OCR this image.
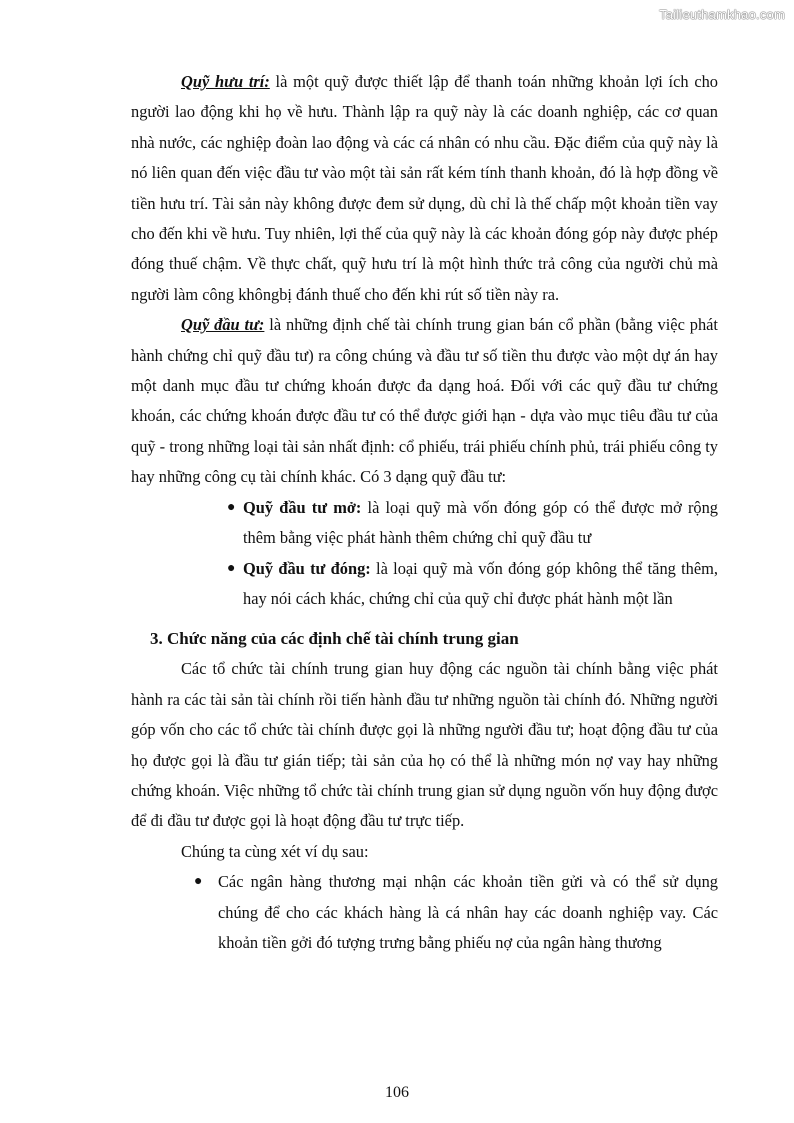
Tailieuthamkhao.com

Quỹ hưu trí: là một quỹ được thiết lập để thanh toán những khoản lợi ích cho người lao động khi họ về hưu. Thành lập ra quỹ này là các doanh nghiệp, các cơ quan nhà nước, các nghiệp đoàn lao động và các cá nhân có nhu cầu. Đặc điểm của quỹ này là nó liên quan đến việc đầu tư vào một tài sản rất kém tính thanh khoản, đó là hợp đồng về tiền hưu trí. Tài sản này không được đem sử dụng, dù chỉ là thế chấp một khoản tiền vay cho đến khi về hưu. Tuy nhiên, lợi thế của quỹ này là các khoản đóng góp này được phép đóng thuế chậm. Về thực chất, quỹ hưu trí là một hình thức trả công của người chủ mà người làm công khôngbị đánh thuế cho đến khi rút số tiền này ra.

Quỹ đầu tư: là những định chế tài chính trung gian bán cổ phần (bằng việc phát hành chứng chỉ quỹ đầu tư) ra công chúng và đầu tư số tiền thu được vào một dự án hay một danh mục đầu tư chứng khoán được đa dạng hoá. Đối với các quỹ đầu tư chứng khoán, các chứng khoán được đầu tư có thể được giới hạn - dựa vào mục tiêu đầu tư của quỹ - trong những loại tài sản nhất định: cổ phiếu, trái phiếu chính phủ, trái phiếu công ty hay những công cụ tài chính khác. Có 3 dạng quỹ đầu tư:

● Quỹ đầu tư mở: là loại quỹ mà vốn đóng góp có thể được mở rộng thêm bằng việc phát hành thêm chứng chỉ quỹ đầu tư
● Quỹ đầu tư đóng: là loại quỹ mà vốn đóng góp không thể tăng thêm, hay nói cách khác, chứng chỉ của quỹ chỉ được phát hành một lần
3. Chức năng của các định chế tài chính trung gian

Các tổ chức tài chính trung gian huy động các nguồn tài chính bằng việc phát hành ra các tài sản tài chính rồi tiến hành đầu tư những nguồn tài chính đó. Những người góp vốn cho các tổ chức tài chính được gọi là những người đầu tư; hoạt động đầu tư của họ được gọi là đầu tư gián tiếp; tài sản của họ có thể là những món nợ vay hay những chứng khoán. Việc những tổ chức tài chính trung gian sử dụng nguồn vốn huy động được để đi đầu tư được gọi là hoạt động đầu tư trực tiếp.

Chúng ta cùng xét ví dụ sau:

● Các ngân hàng thương mại nhận các khoản tiền gửi và có thể sử dụng chúng để cho các khách hàng là cá nhân hay các doanh nghiệp vay. Các khoản tiền gởi đó tượng trưng bằng phiếu nợ của ngân hàng thương
106
